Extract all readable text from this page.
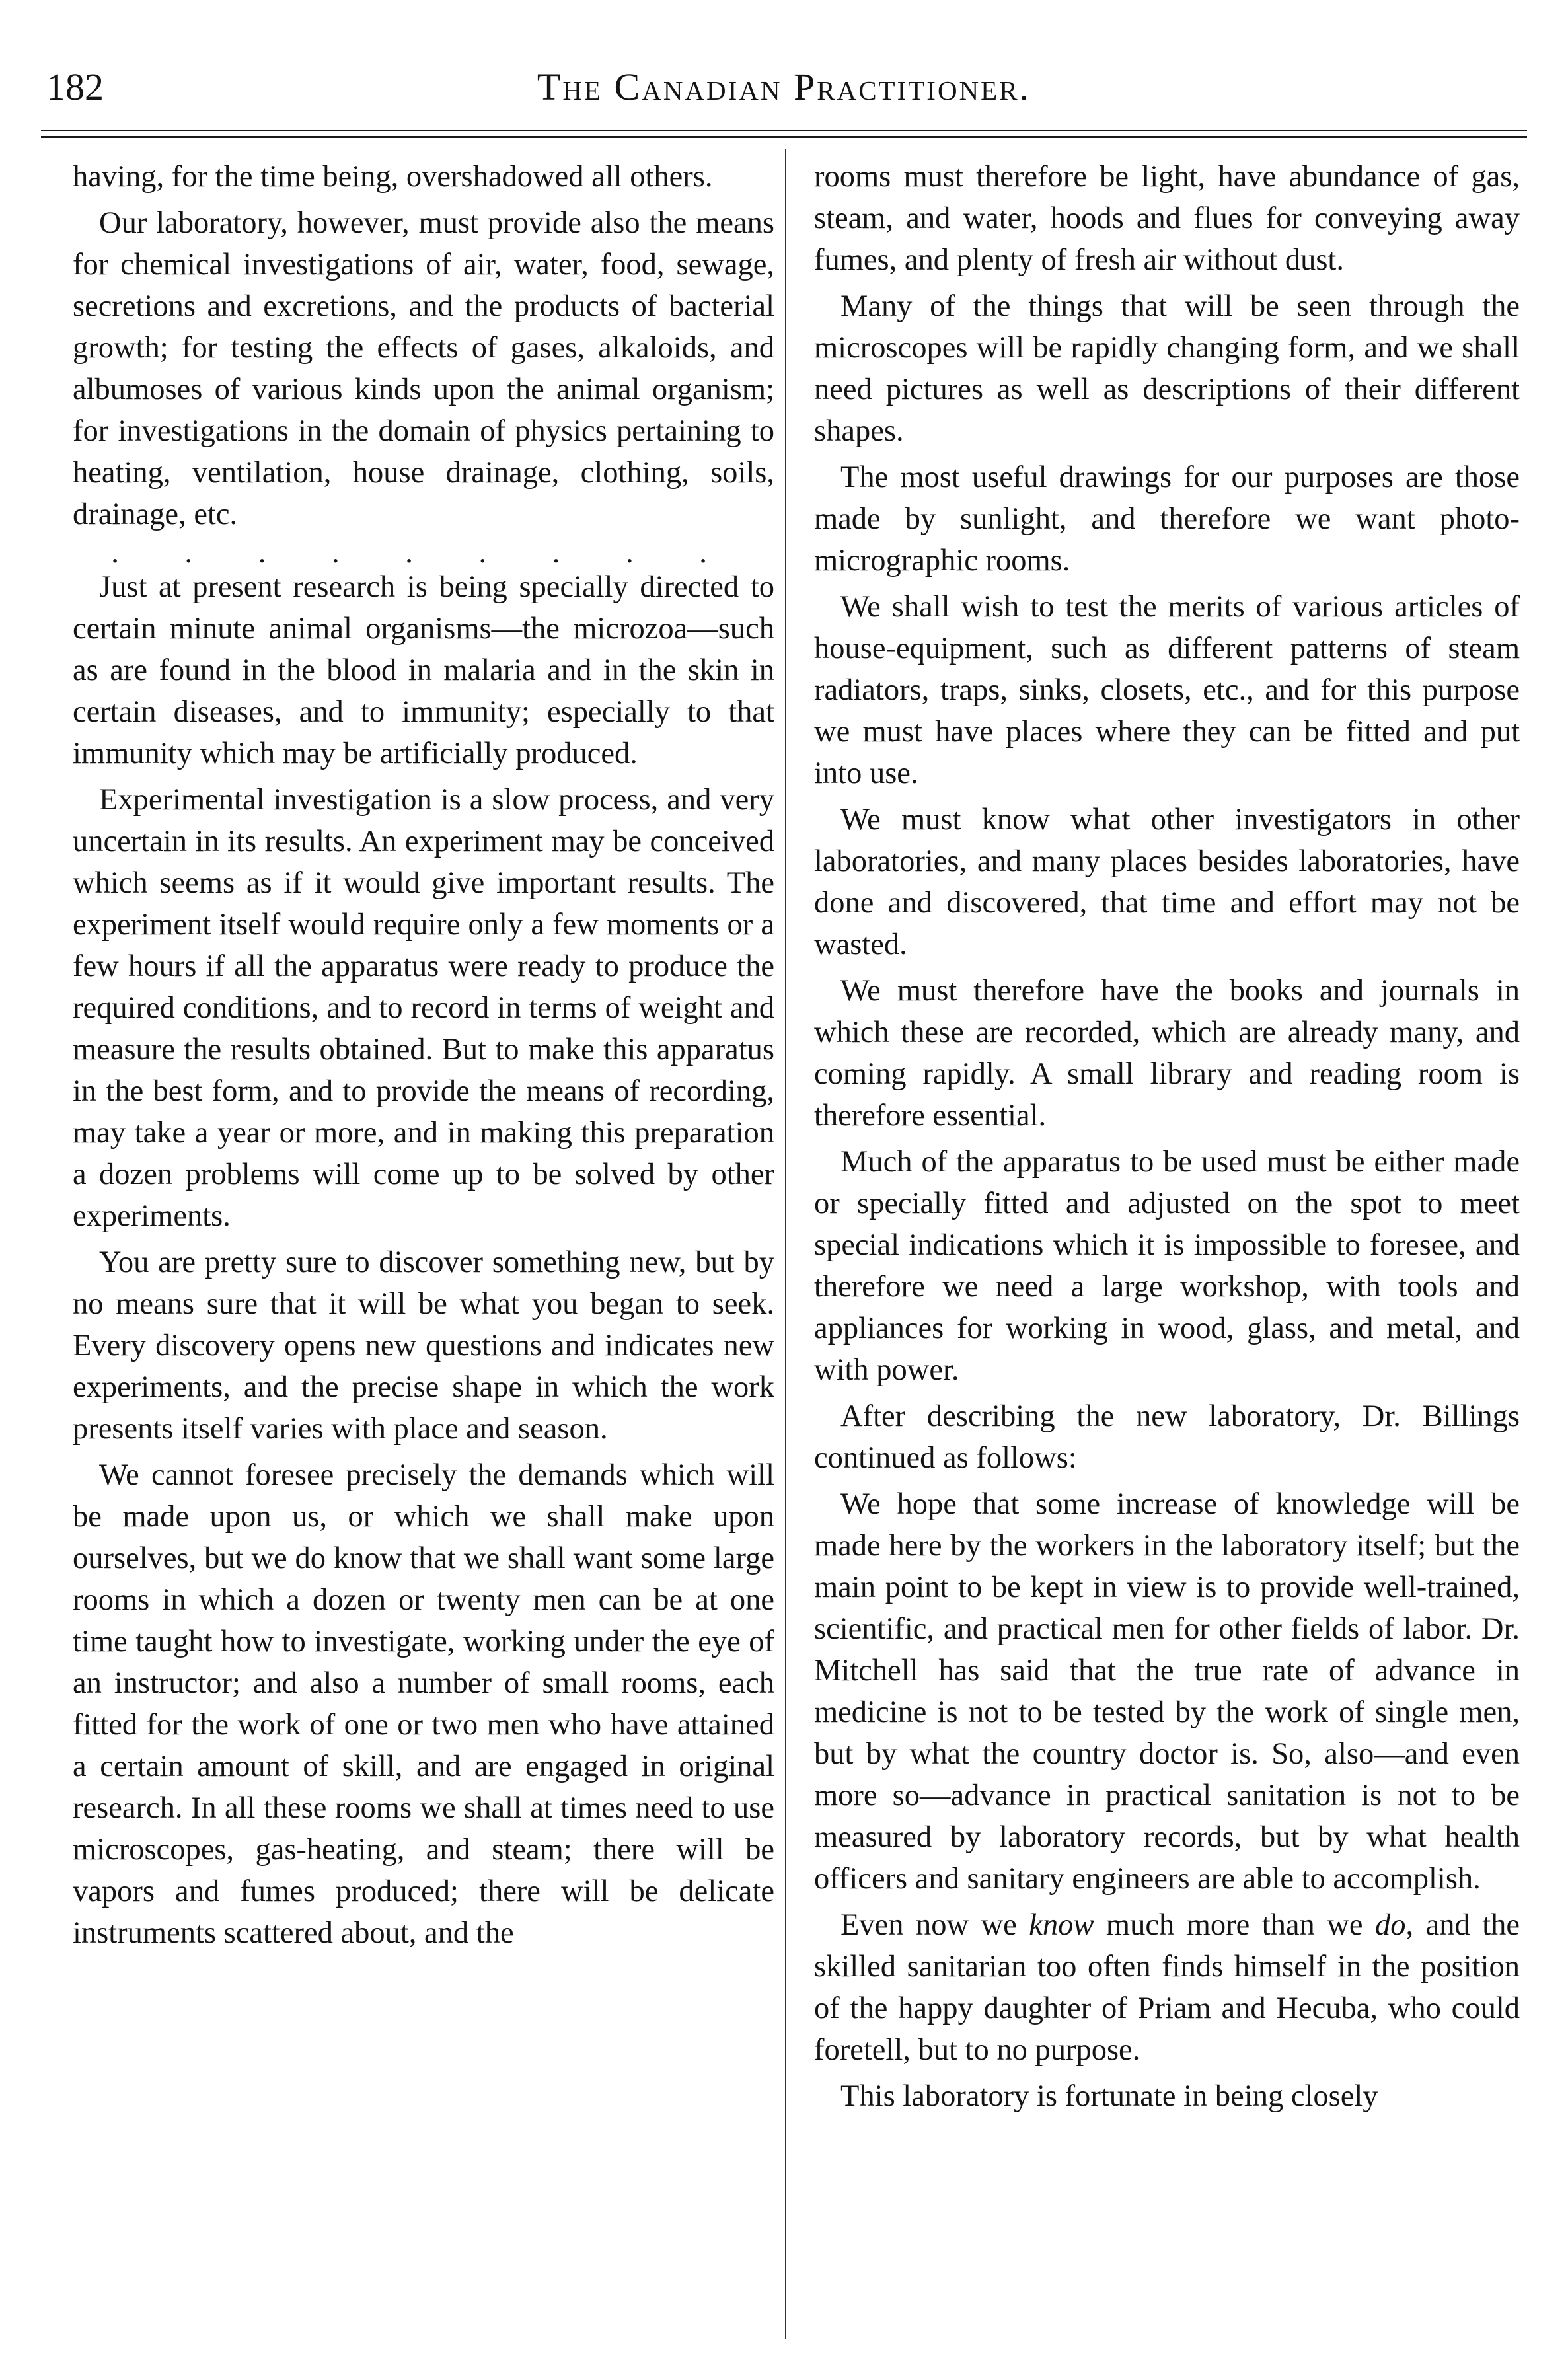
182	The Canadian Practitioner.

having, for the time being, overshadowed all others.

Our laboratory, however, must provide also the means for chemical investigations of air, water, food, sewage, secretions and excretions, and the products of bacterial growth; for testing the effects of gases, alkaloids, and albumoses of various kinds upon the animal organism; for investigations in the domain of physics pertaining to heating, ventilation, house drainage, clothing, soils, drainage, etc.

. . . . . . . . .

Just at present research is being specially directed to certain minute animal organisms—the microzoa—such as are found in the blood in malaria and in the skin in certain diseases, and to immunity; especially to that immunity which may be artificially produced.

Experimental investigation is a slow process, and very uncertain in its results. An experiment may be conceived which seems as if it would give important results. The experiment itself would require only a few moments or a few hours if all the apparatus were ready to produce the required conditions, and to record in terms of weight and measure the results obtained. But to make this apparatus in the best form, and to provide the means of recording, may take a year or more, and in making this preparation a dozen problems will come up to be solved by other experiments.

You are pretty sure to discover something new, but by no means sure that it will be what you began to seek. Every discovery opens new questions and indicates new experiments, and the precise shape in which the work presents itself varies with place and season.

We cannot foresee precisely the demands which will be made upon us, or which we shall make upon ourselves, but we do know that we shall want some large rooms in which a dozen or twenty men can be at one time taught how to investigate, working under the eye of an instructor; and also a number of small rooms, each fitted for the work of one or two men who have attained a certain amount of skill, and are engaged in original research. In all these rooms we shall at times need to use microscopes, gas-heating, and steam; there will be vapors and fumes produced; there will be delicate instruments scattered about, and the

rooms must therefore be light, have abundance of gas, steam, and water, hoods and flues for conveying away fumes, and plenty of fresh air without dust.

Many of the things that will be seen through the microscopes will be rapidly changing form, and we shall need pictures as well as descriptions of their different shapes.

The most useful drawings for our purposes are those made by sunlight, and therefore we want photo-micrographic rooms.

We shall wish to test the merits of various articles of house-equipment, such as different patterns of steam radiators, traps, sinks, closets, etc., and for this purpose we must have places where they can be fitted and put into use.

We must know what other investigators in other laboratories, and many places besides laboratories, have done and discovered, that time and effort may not be wasted.

We must therefore have the books and journals in which these are recorded, which are already many, and coming rapidly. A small library and reading room is therefore essential.

Much of the apparatus to be used must be either made or specially fitted and adjusted on the spot to meet special indications which it is impossible to foresee, and therefore we need a large workshop, with tools and appliances for working in wood, glass, and metal, and with power.

After describing the new laboratory, Dr. Billings continued as follows:

We hope that some increase of knowledge will be made here by the workers in the laboratory itself; but the main point to be kept in view is to provide well-trained, scientific, and practical men for other fields of labor. Dr. Mitchell has said that the true rate of advance in medicine is not to be tested by the work of single men, but by what the country doctor is. So, also—and even more so—advance in practical sanitation is not to be measured by laboratory records, but by what health officers and sanitary engineers are able to accomplish.

Even now we know much more than we do, and the skilled sanitarian too often finds himself in the position of the happy daughter of Priam and Hecuba, who could foretell, but to no purpose.

This laboratory is fortunate in being closely
